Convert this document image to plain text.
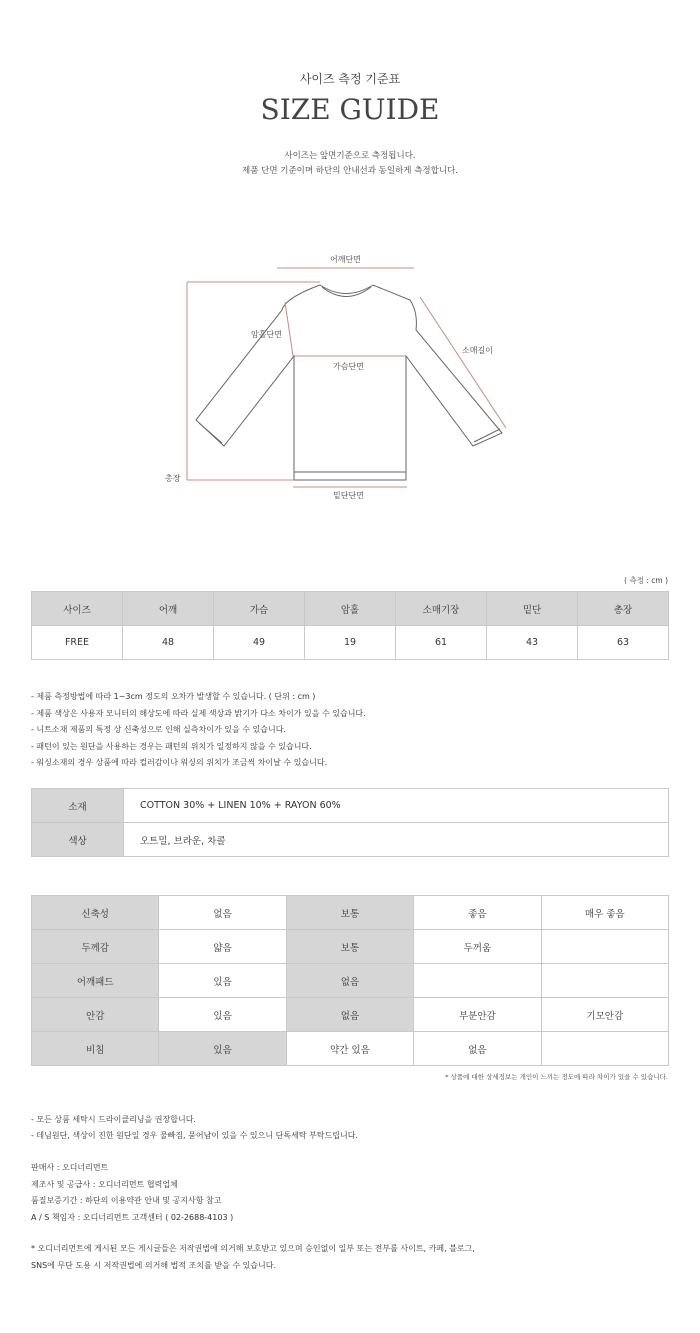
사이즈 측정 기준표
SIZE GUIDE
사이즈는 앞면기준으로 측정됩니다.
제품 단면 기준이며 하단의 안내선과 동일하게 측정합니다.
어깨단면
암홀단면
소매길이
가슴단면
총장
밑단단면
( 측정 : cm )
사이즈	어깨	가슴	암홀	소매기장	밑단	총장
FREE	48	49	19	61	43	63
- 제품 측정방법에 따라 1~3cm 정도의 오차가 발생할 수 있습니다. ( 단위 : cm )
- 제품 색상은 사용자 모니터의 해상도에 따라 실제 색상과 밝기가 다소 차이가 있을 수 있습니다.
- 니트소재 제품의 특정 상 신축성으로 인해 실측차이가 있을 수 있습니다.
- 패턴이 있는 원단을 사용하는 경우는 패턴의 위치가 일정하지 않을 수 있습니다.
- 워싱소재의 경우 상품에 따라 컬러감이나 워싱의 위치가 조금씩 차이날 수 있습니다.
소재	COTTON 30% + LINEN 10% + RAYON 60%
색상	오트밀, 브라운, 차콜
신축성	없음	보통	좋음	매우 좋음
두께감	얇음	보통	두꺼움	
어깨패드	있음	없음		
안감	있음	없음	부분안감	기모안감
비침	있음	약간 있음	없음	
* 상품에 대한 상세정보는 개인이 느끼는 정도에 따라 차이가 있을 수 있습니다.
- 모든 상품 세탁시 드라이클리닝을 권장합니다.
- 데님원단, 색상이 진한 원단일 경우 물빠짐, 묻어남이 있을 수 있으니 단독세탁 부탁드립니다.
판매사 : 오디너리먼트
제조사 및 공급사 : 오디너리먼트 협력업체
품질보증기간 : 하단의 이용약관 안내 및 공지사항 참고
A / S 책임자 : 오디너리먼트 고객센터 ( 02-2688-4103 )
* 오디너리먼트에 게시된 모든 게시글들은 저작권법에 의거해 보호받고 있으며 승인없이 일부 또는 전부를 사이트, 카페, 블로그,
SNS에 무단 도용 시 저작권법에 의거해 법적 조치를 받을 수 있습니다.
